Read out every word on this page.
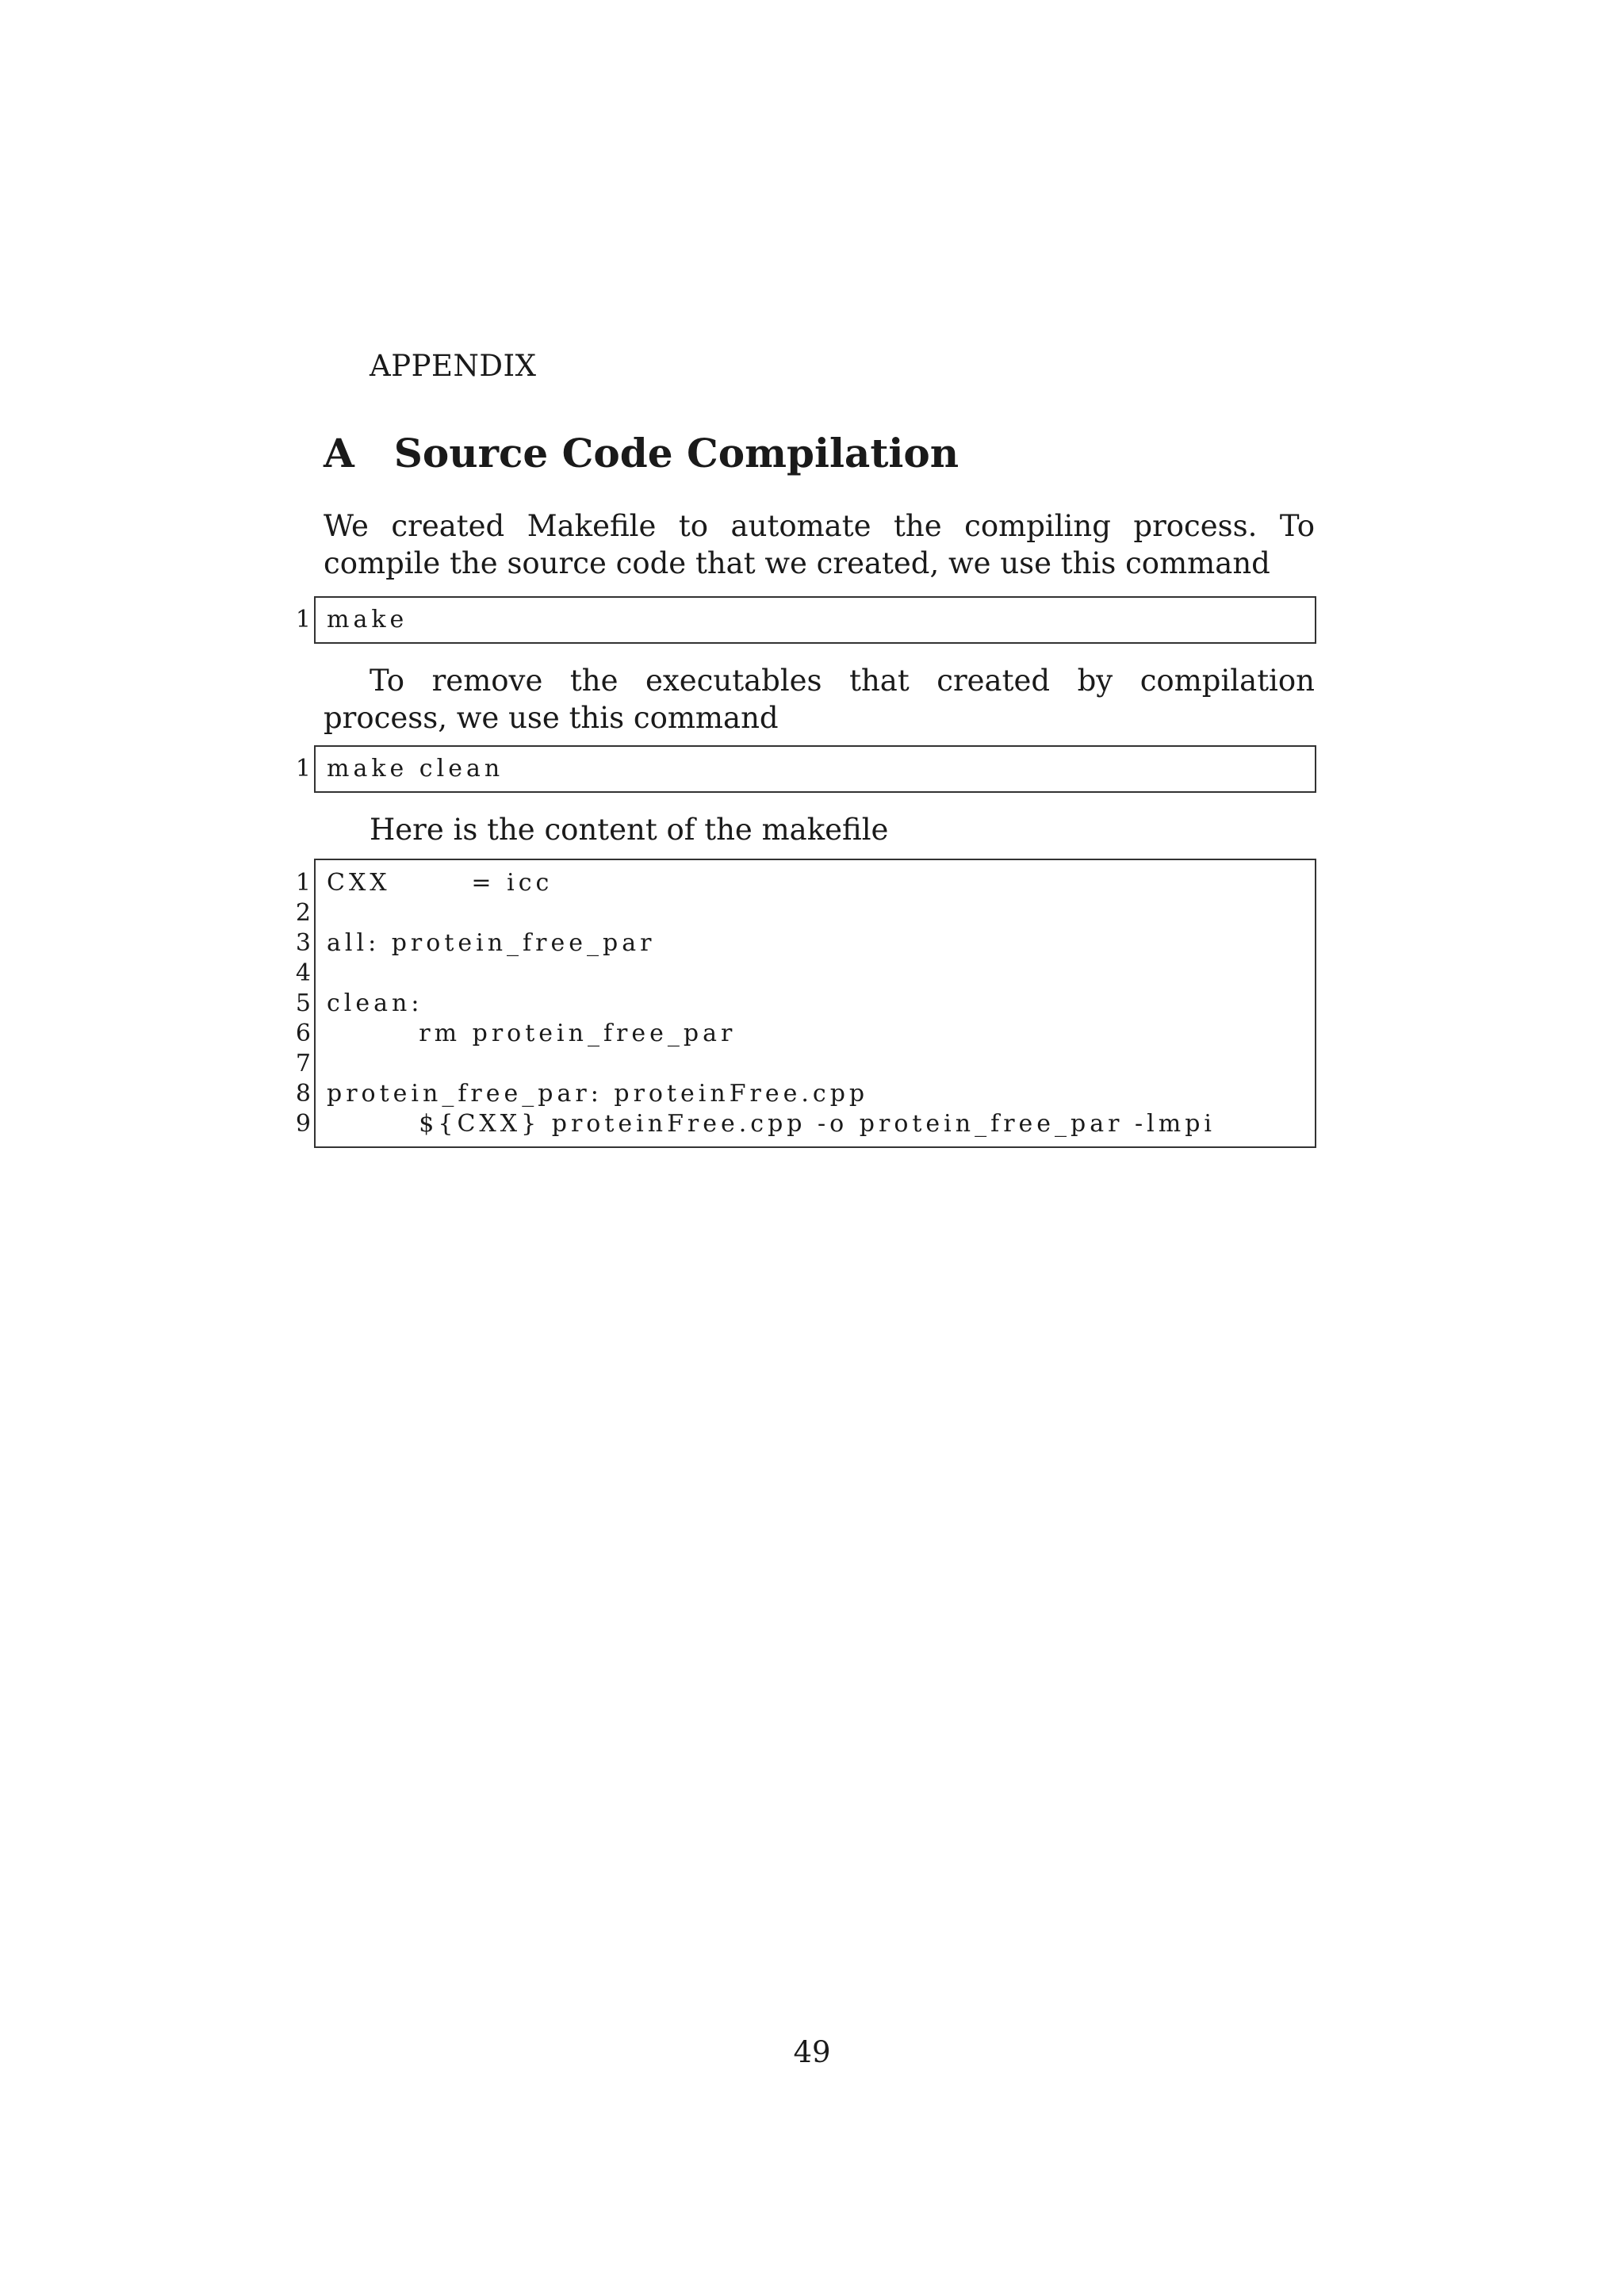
APPENDIX
A Source Code Compilation

We created Makefile to automate the compiling process. To compile the source code that we created, we use this command

1 make

To remove the executables that created by compilation process, we use this command

1 make clean

Here is the content of the makefile

1 CXX       = icc
2
3 all: protein_free_par
4
5 clean:
6 rm protein_free_par
7
8 protein_free_par: proteinFree.cpp
9 ${CXX} proteinFree.cpp -o protein_free_par -lmpi
49
